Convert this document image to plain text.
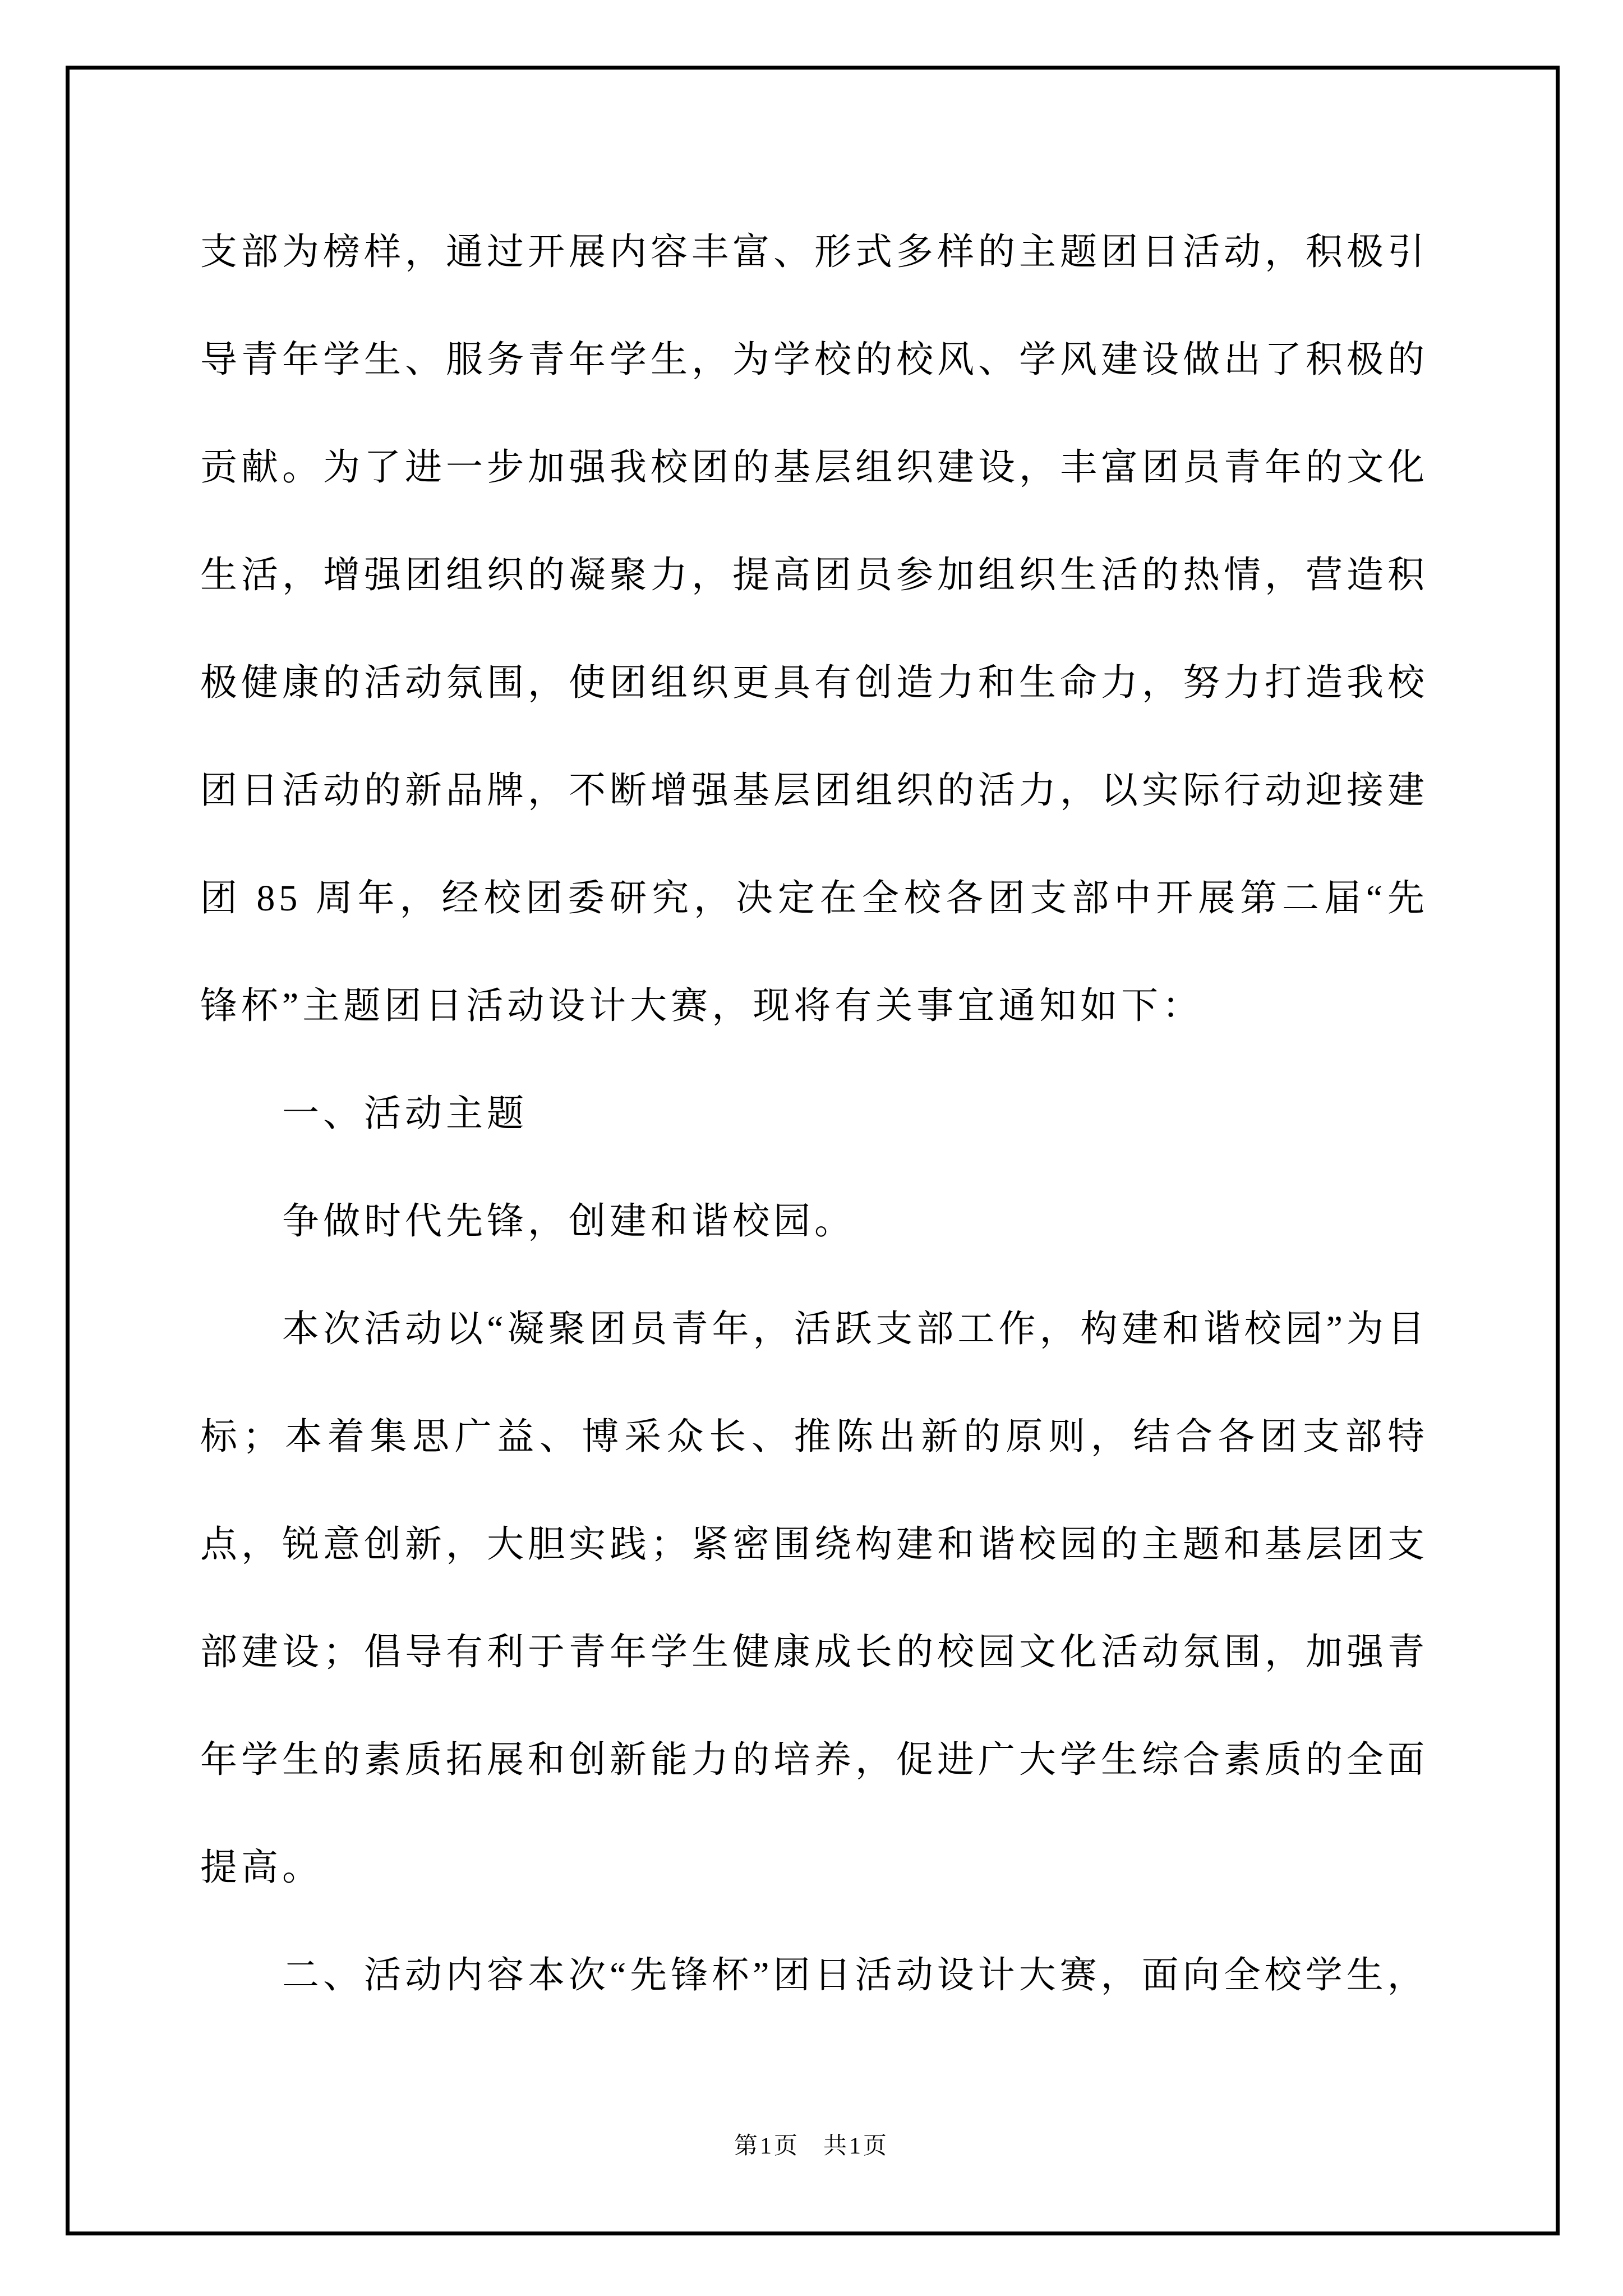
支部为榜样，通过开展内容丰富、形式多样的主题团日活动，积极引导青年学生、服务青年学生，为学校的校风、学风建设做出了积极的贡献。为了进一步加强我校团的基层组织建设，丰富团员青年的文化生活，增强团组织的凝聚力，提高团员参加组织生活的热情，营造积极健康的活动氛围，使团组织更具有创造力和生命力，努力打造我校团日活动的新品牌，不断增强基层团组织的活力，以实际行动迎接建团 85 周年，经校团委研究，决定在全校各团支部中开展第二届“先锋杯”主题团日活动设计大赛，现将有关事宜通知如下：

一、活动主题

争做时代先锋，创建和谐校园。

本次活动以“凝聚团员青年，活跃支部工作，构建和谐校园”为目标；本着集思广益、博采众长、推陈出新的原则，结合各团支部特点，锐意创新，大胆实践；紧密围绕构建和谐校园的主题和基层团支部建设；倡导有利于青年学生健康成长的校园文化活动氛围，加强青年学生的素质拓展和创新能力的培养，促进广大学生综合素质的全面提高。

二、活动内容本次“先锋杯”团日活动设计大赛，面向全校学生，

第1页 共1页
